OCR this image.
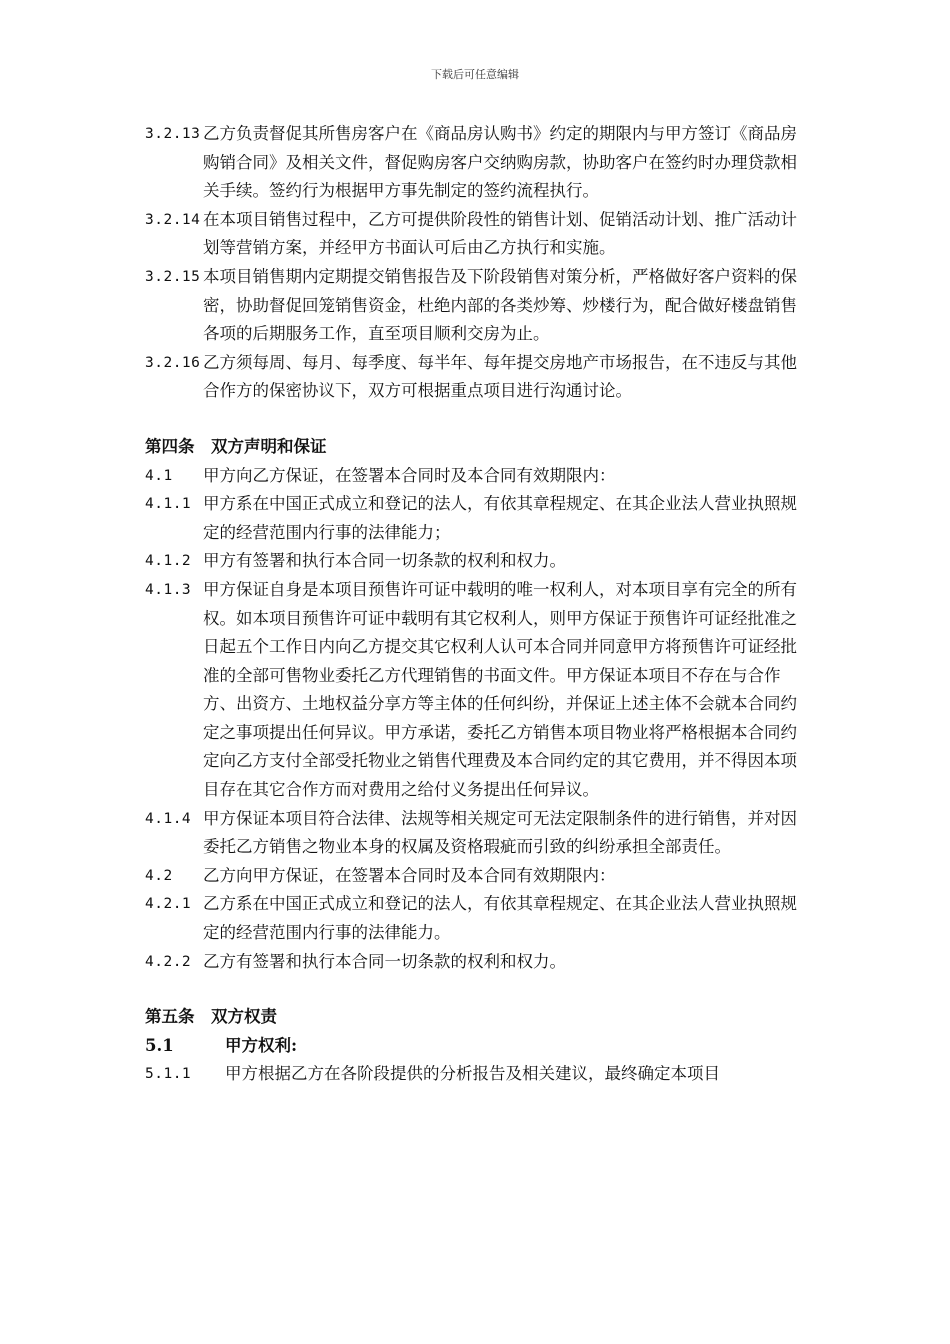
下载后可任意编辑
3.2.13 乙方负责督促其所售房客户在《商品房认购书》约定的期限内与甲方签订《商品房购销合同》及相关文件，督促购房客户交纳购房款，协助客户在签约时办理贷款相关手续。签约行为根据甲方事先制定的签约流程执行。
3.2.14 在本项目销售过程中，乙方可提供阶段性的销售计划、促销活动计划、推广活动计划等营销方案，并经甲方书面认可后由乙方执行和实施。
3.2.15 本项目销售期内定期提交销售报告及下阶段销售对策分析，严格做好客户资料的保密，协助督促回笼销售资金，杜绝内部的各类炒筹、炒楼行为，配合做好楼盘销售各项的后期服务工作，直至项目顺利交房为止。
3.2.16 乙方须每周、每月、每季度、每半年、每年提交房地产市场报告，在不违反与其他合作方的保密协议下，双方可根据重点项目进行沟通讨论。

第四条　双方声明和保证

4.1 甲方向乙方保证，在签署本合同时及本合同有效期限内：
4.1.1 甲方系在中国正式成立和登记的法人，有依其章程规定、在其企业法人营业执照规定的经营范围内行事的法律能力；
4.1.2 甲方有签署和执行本合同一切条款的权利和权力。
4.1.3 甲方保证自身是本项目预售许可证中载明的唯一权利人，对本项目享有完全的所有权。如本项目预售许可证中载明有其它权利人，则甲方保证于预售许可证经批准之日起五个工作日内向乙方提交其它权利人认可本合同并同意甲方将预售许可证经批准的全部可售物业委托乙方代理销售的书面文件。甲方保证本项目不存在与合作方、出资方、土地权益分享方等主体的任何纠纷，并保证上述主体不会就本合同约定之事项提出任何异议。甲方承诺，委托乙方销售本项目物业将严格根据本合同约定向乙方支付全部受托物业之销售代理费及本合同约定的其它费用，并不得因本项目存在其它合作方而对费用之给付义务提出任何异议。
4.1.4 甲方保证本项目符合法律、法规等相关规定可无法定限制条件的进行销售，并对因委托乙方销售之物业本身的权属及资格瑕疵而引致的纠纷承担全部责任。
4.2 乙方向甲方保证，在签署本合同时及本合同有效期限内：
4.2.1 乙方系在中国正式成立和登记的法人，有依其章程规定、在其企业法人营业执照规定的经营范围内行事的法律能力。
4.2.2 乙方有签署和执行本合同一切条款的权利和权力。

第五条　双方权责

5.1	甲方权利:
5.1.1 甲方根据乙方在各阶段提供的分析报告及相关建议，最终确定本项目
